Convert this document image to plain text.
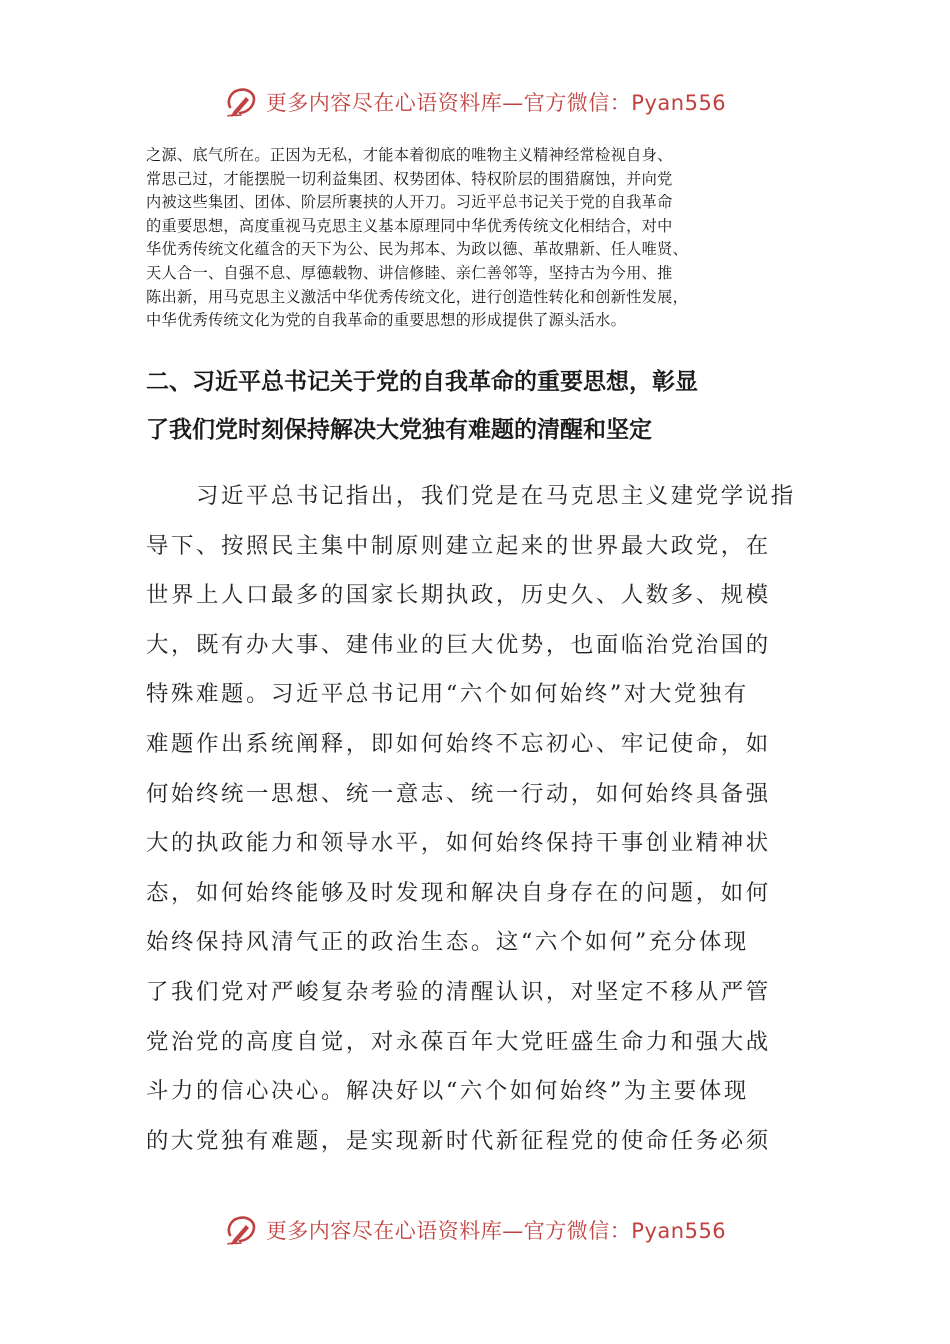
更多内容尽在心语资料库—官方微信：Pyan556

之源、底气所在。正因为无私，才能本着彻底的唯物主义精神经常检视自身、
常思己过，才能摆脱一切利益集团、权势团体、特权阶层的围猎腐蚀，并向党
内被这些集团、团体、阶层所裹挟的人开刀。习近平总书记关于党的自我革命
的重要思想，高度重视马克思主义基本原理同中华优秀传统文化相结合，对中
华优秀传统文化蕴含的天下为公、民为邦本、为政以德、革故鼎新、任人唯贤、
天人合一、自强不息、厚德载物、讲信修睦、亲仁善邻等，坚持古为今用、推
陈出新，用马克思主义激活中华优秀传统文化，进行创造性转化和创新性发展，
中华优秀传统文化为党的自我革命的重要思想的形成提供了源头活水。

二、习近平总书记关于党的自我革命的重要思想，彰显
了我们党时刻保持解决大党独有难题的清醒和坚定

　　习近平总书记指出，我们党是在马克思主义建党学说指
导下、按照民主集中制原则建立起来的世界最大政党，在
世界上人口最多的国家长期执政，历史久、人数多、规模
大，既有办大事、建伟业的巨大优势，也面临治党治国的
特殊难题。习近平总书记用“六个如何始终”对大党独有
难题作出系统阐释，即如何始终不忘初心、牢记使命，如
何始终统一思想、统一意志、统一行动，如何始终具备强
大的执政能力和领导水平，如何始终保持干事创业精神状
态，如何始终能够及时发现和解决自身存在的问题，如何
始终保持风清气正的政治生态。这“六个如何”充分体现
了我们党对严峻复杂考验的清醒认识，对坚定不移从严管
党治党的高度自觉，对永葆百年大党旺盛生命力和强大战
斗力的信心决心。解决好以“六个如何始终”为主要体现
的大党独有难题，是实现新时代新征程党的使命任务必须

更多内容尽在心语资料库—官方微信：Pyan556
